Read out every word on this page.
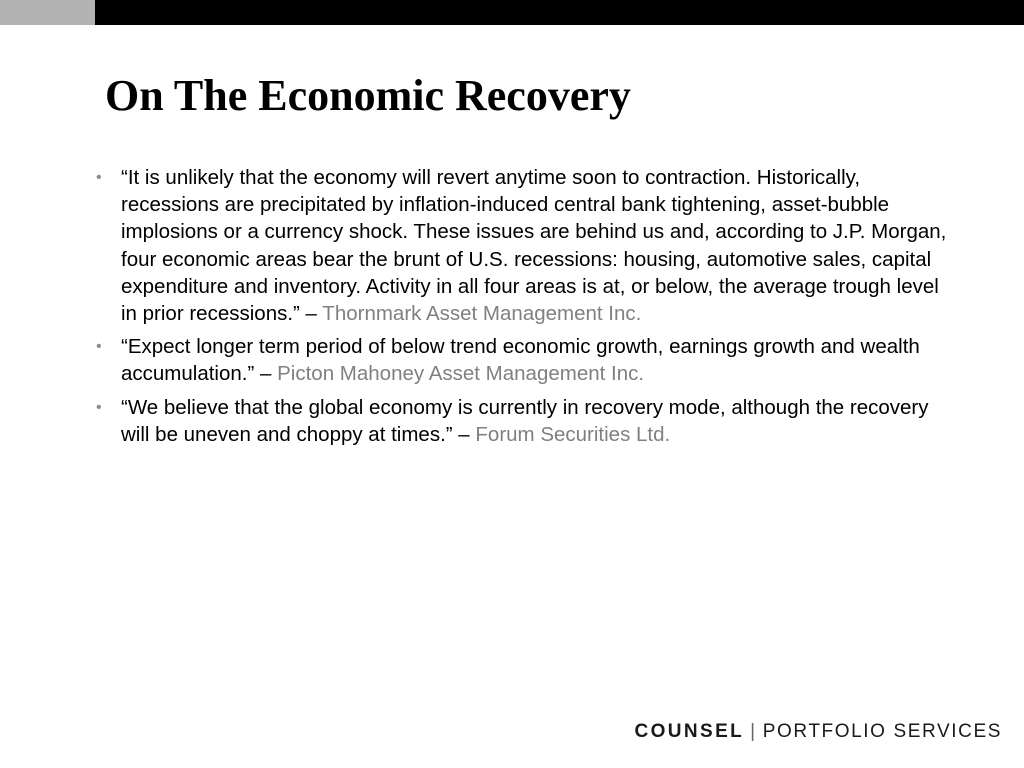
On The Economic Recovery
• “It is unlikely that the economy will revert anytime soon to contraction. Historically, recessions are precipitated by inflation-induced central bank tightening, asset-bubble implosions or a currency shock. These issues are behind us and, according to J.P. Morgan, four economic areas bear the brunt of U.S. recessions: housing, automotive sales, capital expenditure and inventory. Activity in all four areas is at, or below, the average trough level in prior recessions.” – Thornmark Asset Management Inc.
• “Expect longer term period of below trend economic growth, earnings growth and wealth accumulation.” – Picton Mahoney Asset Management Inc.
• “We believe that the global economy is currently in recovery mode, although the recovery will be uneven and choppy at times.” – Forum Securities Ltd.
COUNSEL | PORTFOLIO SERVICES
